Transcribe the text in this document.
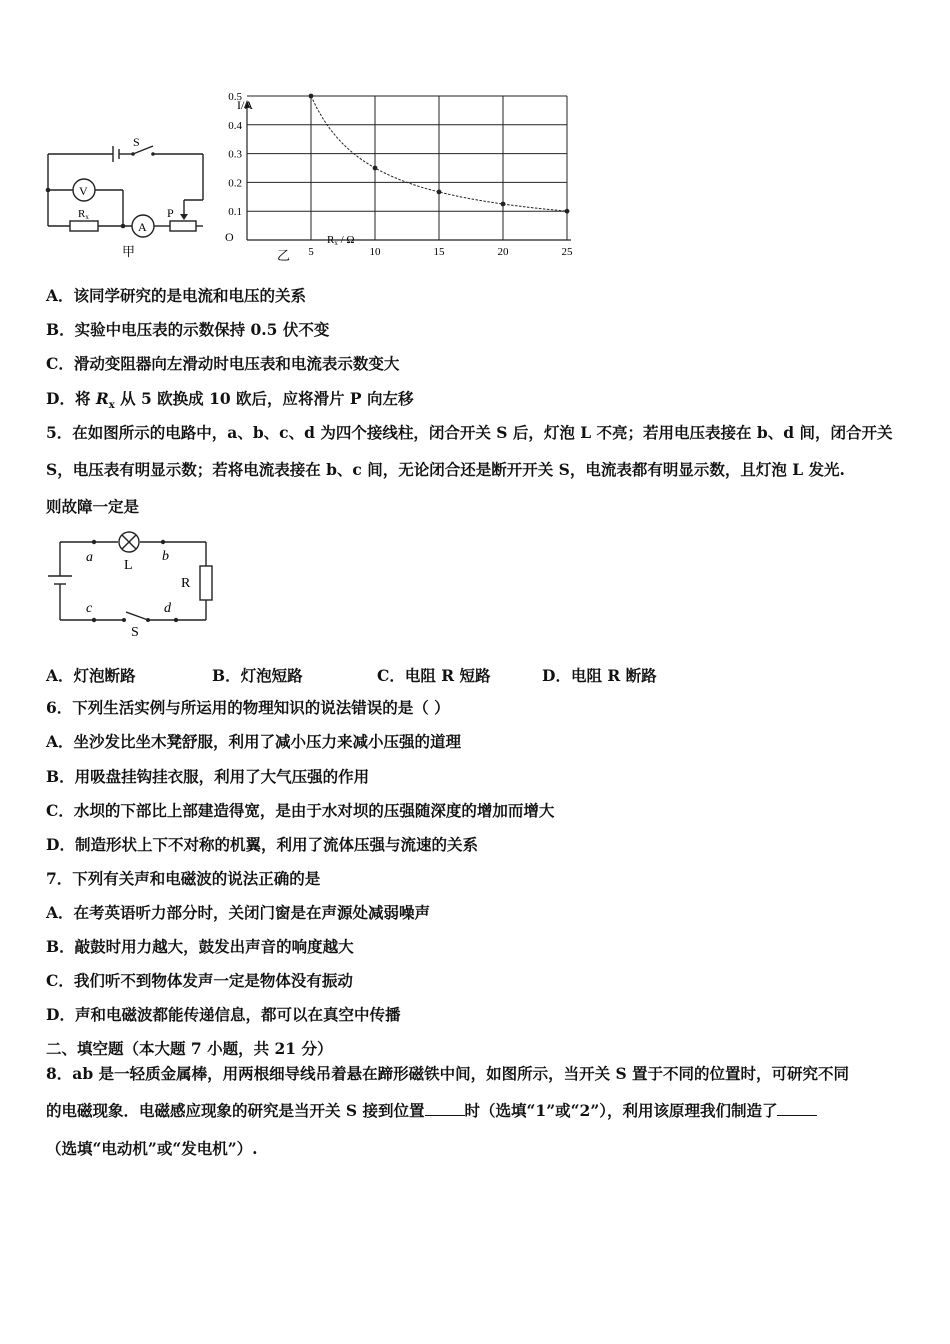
S
V
A
Rx	P
甲
0.5
0.4
0.3
0.2
0.1
5	10	15	20	25
I/A
O	Rx / Ω
乙
A．该同学研究的是电流和电压的关系
B．实验中电压表的示数保持 0.5 伏不变
C．滑动变阻器向左滑动时电压表和电流表示数变大
D．将 $R_x$ 从 5 欧换成 10 欧后，应将滑片 P 向左移
5．在如图所示的电路中，a、b、c、d 为四个接线柱，闭合开关 S 后，灯泡 L 不亮；若用电压表接在 b、d 间，闭合开关
S，电压表有明显示数；若将电流表接在 b、c 间，无论闭合还是断开开关 S，电流表都有明显示数，且灯泡 L 发光.
则故障一定是
a	b
c	d
L
R
S
A．灯泡断路	B．灯泡短路	C．电阻 R 短路	D．电阻 R 断路
6．下列生活实例与所运用的物理知识的说法错误的是（ ）
A．坐沙发比坐木凳舒服，利用了减小压力来减小压强的道理
B．用吸盘挂钩挂衣服，利用了大气压强的作用
C．水坝的下部比上部建造得宽，是由于水对坝的压强随深度的增加而增大
D．制造形状上下不对称的机翼，利用了流体压强与流速的关系
7．下列有关声和电磁波的说法正确的是
A．在考英语听力部分时，关闭门窗是在声源处减弱噪声
B．敲鼓时用力越大，鼓发出声音的响度越大
C．我们听不到物体发声一定是物体没有振动
D．声和电磁波都能传递信息，都可以在真空中传播
二、填空题（本大题 7 小题，共 21 分）
8．ab 是一轻质金属棒，用两根细导线吊着悬在蹄形磁铁中间，如图所示，当开关 S 置于不同的位置时，可研究不同
的电磁现象．电磁感应现象的研究是当开关 S 接到位置	时（选填“1”或“2”），利用该原理我们制造了
（选填“电动机”或“发电机”）.
